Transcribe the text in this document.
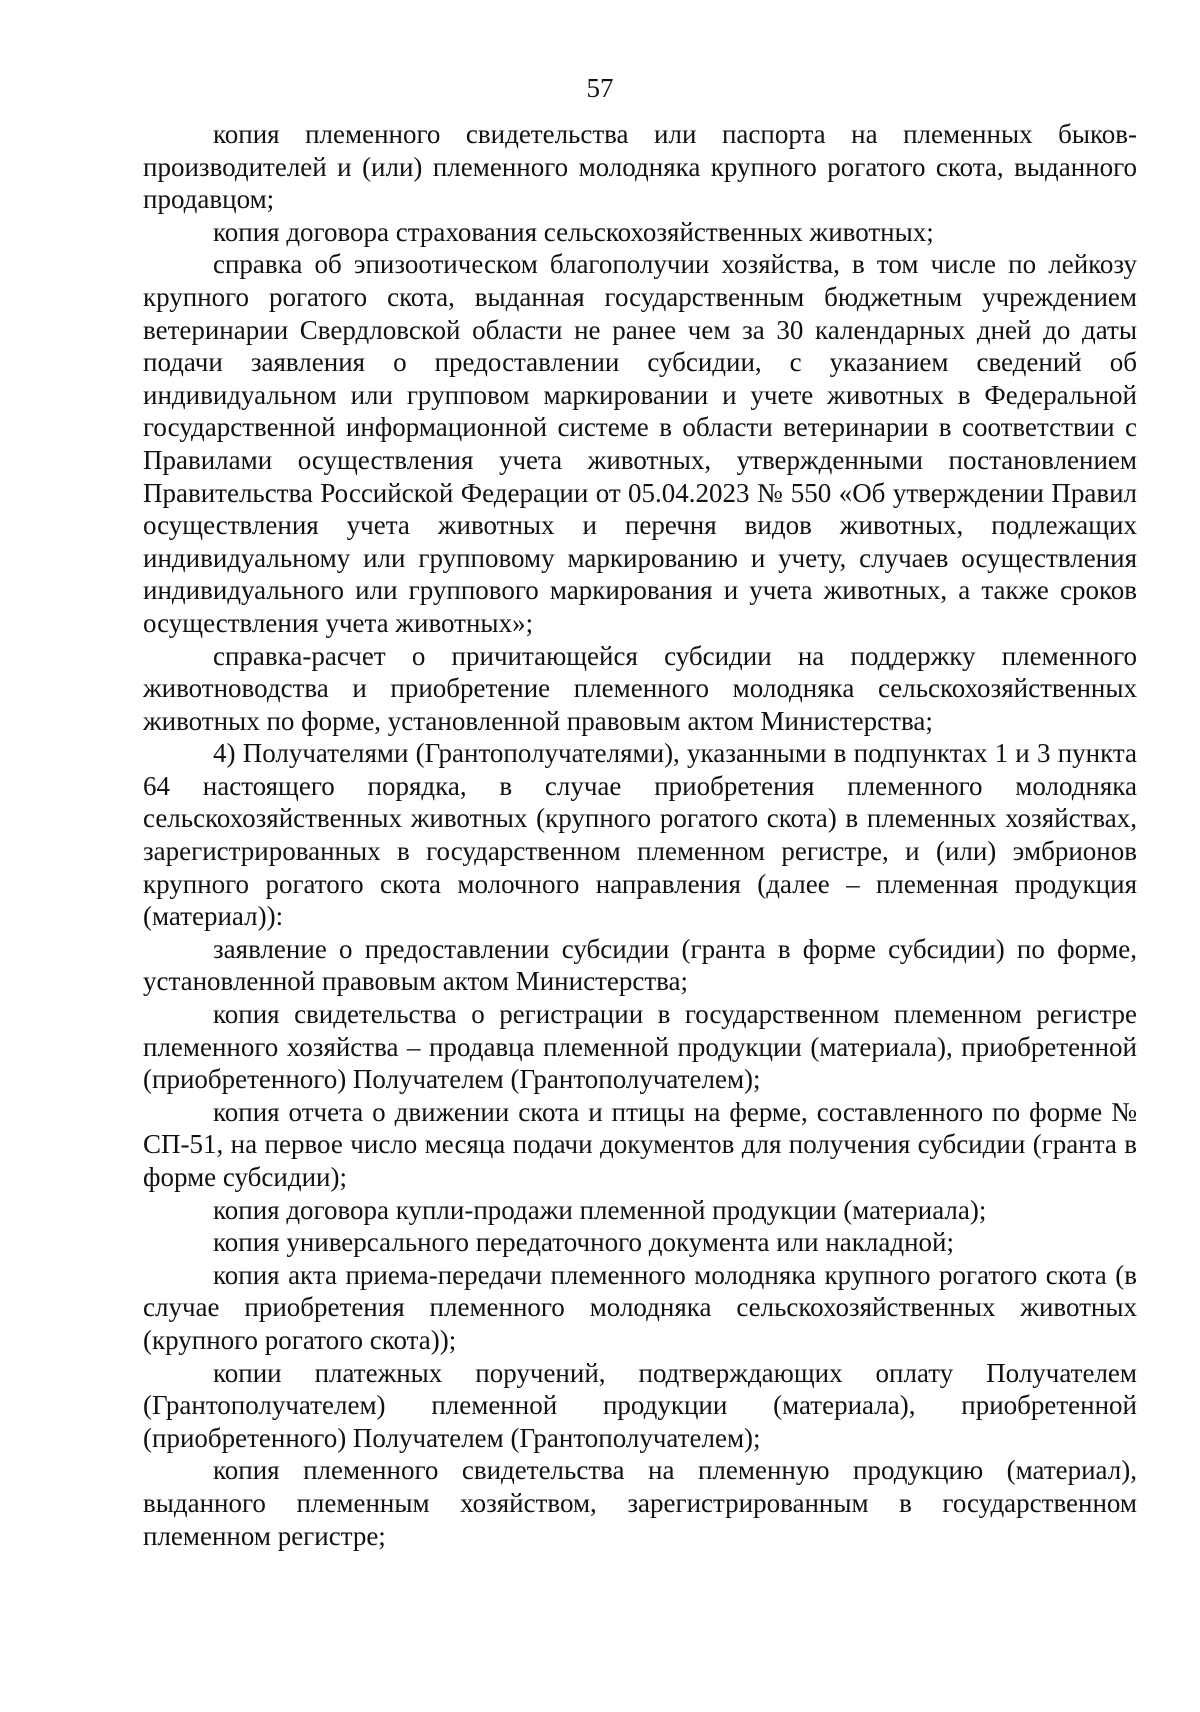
57

копия племенного свидетельства или паспорта на племенных быков-производителей и (или) племенного молодняка крупного рогатого скота, выданного продавцом;

копия договора страхования сельскохозяйственных животных;

справка об эпизоотическом благополучии хозяйства, в том числе по лейкозу крупного рогатого скота, выданная государственным бюджетным учреждением ветеринарии Свердловской области не ранее чем за 30 календарных дней до даты подачи заявления о предоставлении субсидии, с указанием сведений об индивидуальном или групповом маркировании и учете животных в Федеральной государственной информационной системе в области ветеринарии в соответствии с Правилами осуществления учета животных, утвержденными постановлением Правительства Российской Федерации от 05.04.2023 № 550 «Об утверждении Правил осуществления учета животных и перечня видов животных, подлежащих индивидуальному или групповому маркированию и учету, случаев осуществления индивидуального или группового маркирования и учета животных, а также сроков осуществления учета животных»;

справка-расчет о причитающейся субсидии на поддержку племенного животноводства и приобретение племенного молодняка сельскохозяйственных животных по форме, установленной правовым актом Министерства;

4) Получателями (Грантополучателями), указанными в подпунктах 1 и 3 пункта 64 настоящего порядка, в случае приобретения племенного молодняка сельскохозяйственных животных (крупного рогатого скота) в племенных хозяйствах, зарегистрированных в государственном племенном регистре, и (или) эмбрионов крупного рогатого скота молочного направления (далее – племенная продукция (материал)):

заявление о предоставлении субсидии (гранта в форме субсидии) по форме, установленной правовым актом Министерства;

копия свидетельства о регистрации в государственном племенном регистре племенного хозяйства – продавца племенной продукции (материала), приобретенной (приобретенного) Получателем (Грантополучателем);

копия отчета о движении скота и птицы на ферме, составленного по форме № СП-51, на первое число месяца подачи документов для получения субсидии (гранта в форме субсидии);

копия договора купли-продажи племенной продукции (материала);

копия универсального передаточного документа или накладной;

копия акта приема-передачи племенного молодняка крупного рогатого скота (в случае приобретения племенного молодняка сельскохозяйственных животных (крупного рогатого скота));

копии платежных поручений, подтверждающих оплату Получателем (Грантополучателем) племенной продукции (материала), приобретенной (приобретенного) Получателем (Грантополучателем);

копия племенного свидетельства на племенную продукцию (материал), выданного племенным хозяйством, зарегистрированным в государственном племенном регистре;
